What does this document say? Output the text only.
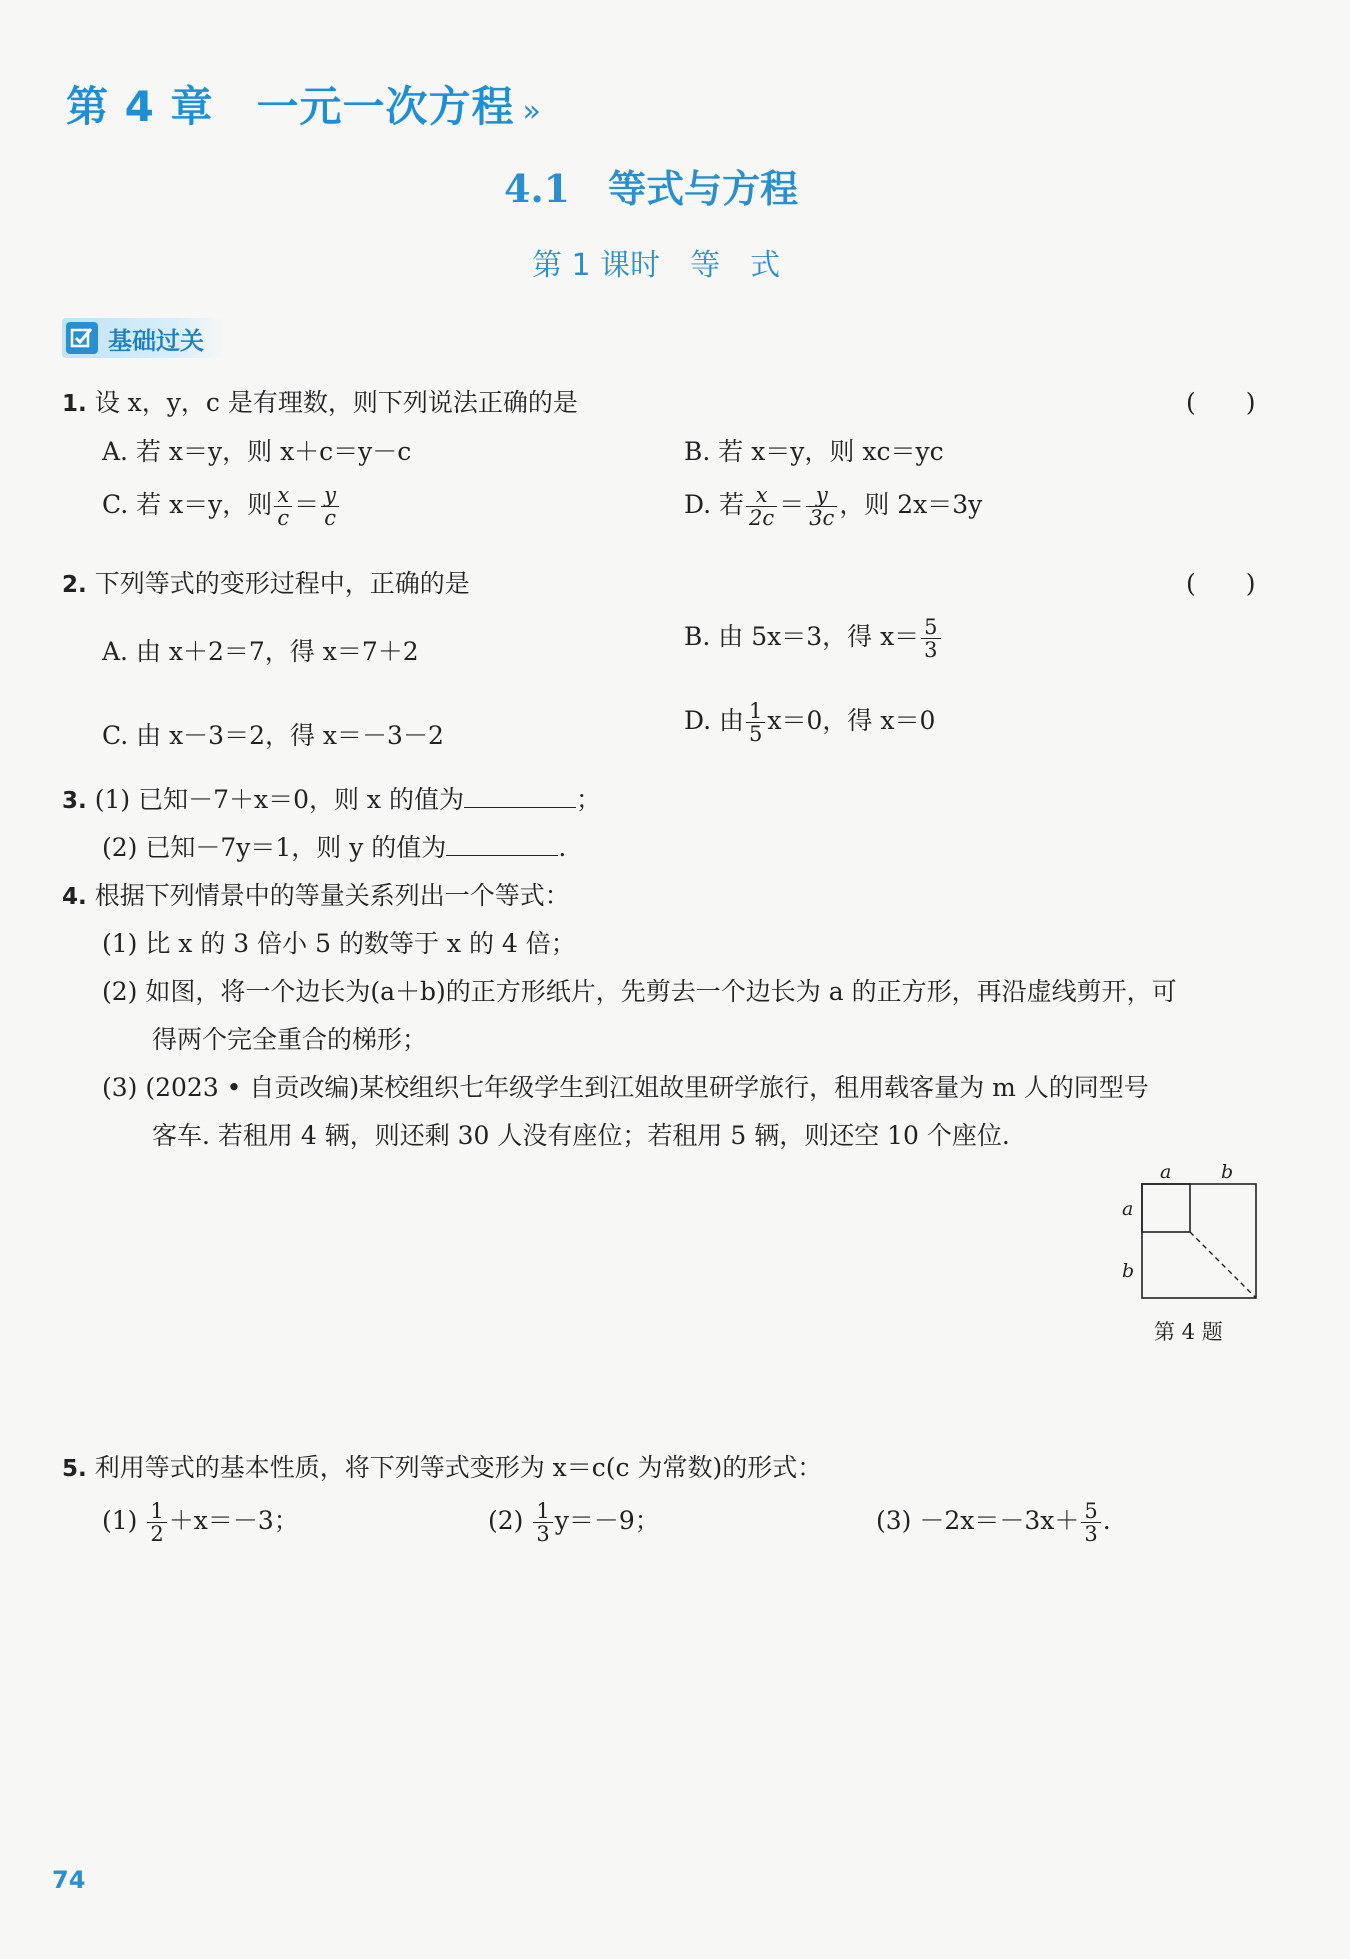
第 4 章　一元一次方程 »
4.1　等式与方程
第 1 课时　等　式
基础过关
1. 设 x，y，c 是有理数，则下列说法正确的是	(　　)
A. 若 x＝y，则 x＋c＝y－c	B. 若 x＝y，则 xc＝yc
C. 若 x＝y，则 $\frac{x}{c} = \frac{y}{c}$	D. 若 $\frac{x}{2c} = \frac{y}{3c}$ ，则 2x＝3y
2. 下列等式的变形过程中，正确的是	(　　)
A. 由 x＋2＝7，得 x＝7＋2
B. 由 5x＝3，得 $x= \frac{5}{3}$
C. 由 x－3＝2，得 x＝－3－2
D. 由 $\frac{1}{5} x=0$，得 x＝0
3. (1) 已知－7＋x＝0，则 x 的值为	；
(2) 已知－7y＝1，则 y 的值为	.
4. 根据下列情景中的等量关系列出一个等式：
(1) 比 x 的 3 倍小 5 的数等于 x 的 4 倍；
(2) 如图，将一个边长为(a＋b)的正方形纸片，先剪去一个边长为 a 的正方形，再沿虚线剪开，可
得两个完全重合的梯形；
(3) (2023 • 自贡改编)某校组织七年级学生到江姐故里研学旅行，租用载客量为 m 人的同型号
客车. 若租用 4 辆，则还剩 30 人没有座位；若租用 5 辆，则还空 10 个座位.
a	b
a
b
第 4 题
5. 利用等式的基本性质，将下列等式变形为 x＝c(c 为常数)的形式：
$(1) \frac{1}{2} +x=-3$；	$(2) \frac{1}{3} y=-9$；	$(3) -2x=-3x+ \frac{5}{3}$ .
74
